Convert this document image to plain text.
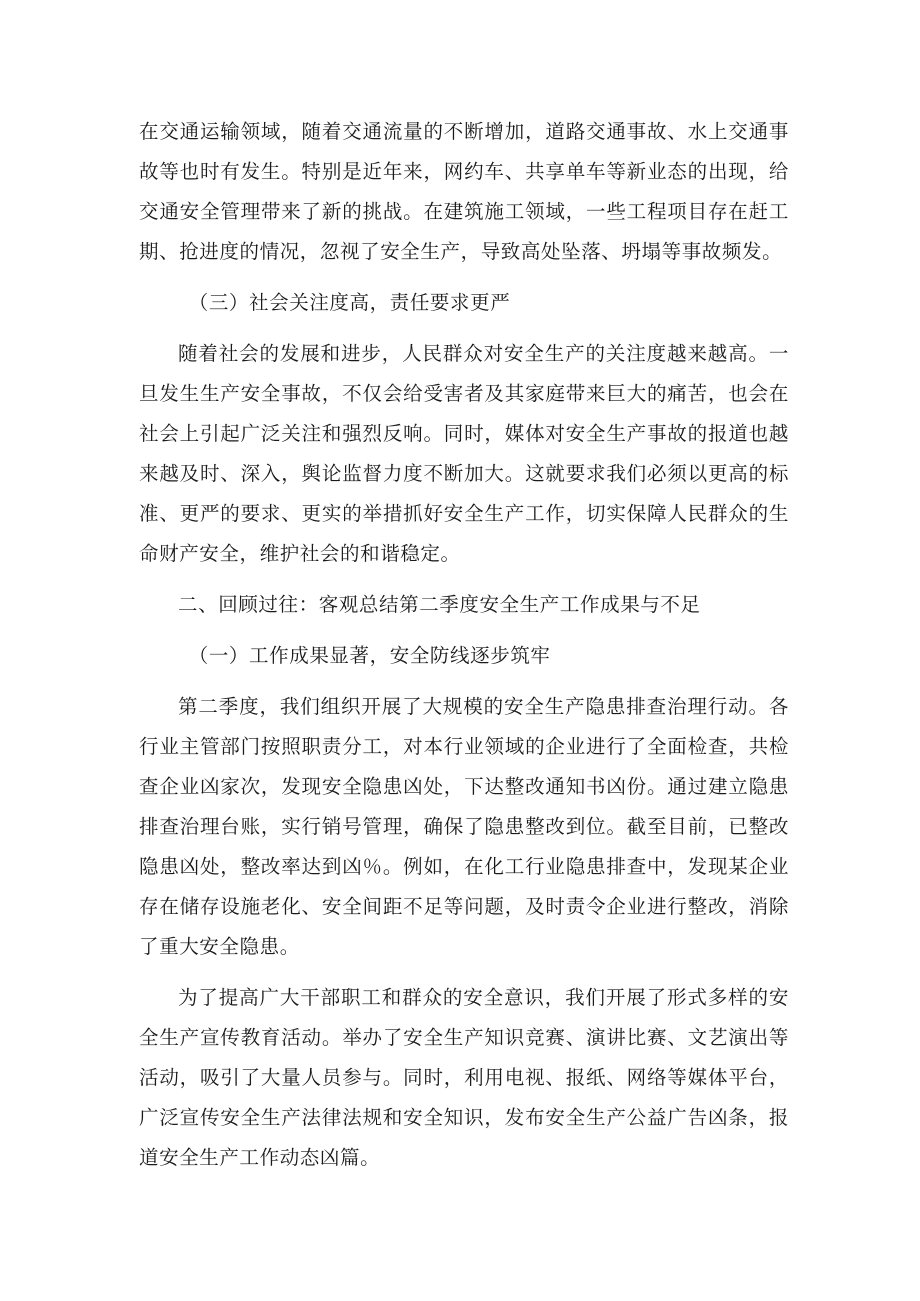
在交通运输领域，随着交通流量的不断增加，道路交通事故、水上交通事故等也时有发生。特别是近年来，网约车、共享单车等新业态的出现，给交通安全管理带来了新的挑战。在建筑施工领域，一些工程项目存在赶工期、抢进度的情况，忽视了安全生产，导致高处坠落、坍塌等事故频发。

（三）社会关注度高，责任要求更严

随着社会的发展和进步，人民群众对安全生产的关注度越来越高。一旦发生生产安全事故，不仅会给受害者及其家庭带来巨大的痛苦，也会在社会上引起广泛关注和强烈反响。同时，媒体对安全生产事故的报道也越来越及时、深入，舆论监督力度不断加大。这就要求我们必须以更高的标准、更严的要求、更实的举措抓好安全生产工作，切实保障人民群众的生命财产安全，维护社会的和谐稳定。

二、回顾过往：客观总结第二季度安全生产工作成果与不足

（一）工作成果显著，安全防线逐步筑牢

第二季度，我们组织开展了大规模的安全生产隐患排查治理行动。各行业主管部门按照职责分工，对本行业领域的企业进行了全面检查，共检查企业凶家次，发现安全隐患凶处，下达整改通知书凶份。通过建立隐患排查治理台账，实行销号管理，确保了隐患整改到位。截至目前，已整改隐患凶处，整改率达到凶％。例如，在化工行业隐患排查中，发现某企业存在储存设施老化、安全间距不足等问题，及时责令企业进行整改，消除了重大安全隐患。

为了提高广大干部职工和群众的安全意识，我们开展了形式多样的安全生产宣传教育活动。举办了安全生产知识竞赛、演讲比赛、文艺演出等活动，吸引了大量人员参与。同时，利用电视、报纸、网络等媒体平台，广泛宣传安全生产法律法规和安全知识，发布安全生产公益广告凶条，报道安全生产工作动态凶篇。
